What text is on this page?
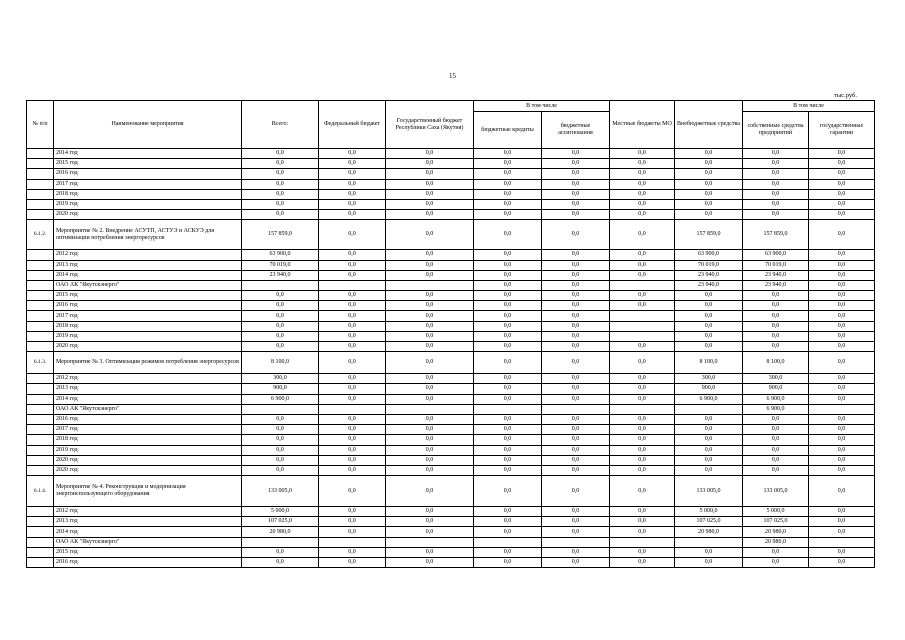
15
тыс.руб.
№ п/п	Наименование мероприятия	Всего:	Федеральный бюджет	Государственный бюджет Республики Саха (Якутия)	В том числе		Местные бюджеты МО	Внебюджетные средства	В том числе	
					бюджетные кредиты	бюджетные ассигнования			собственные средства предприятий	государственные гарантии
	2014 год	0,0	0,0	0,0	0,0	0,0	0,0	0,0	0,0	0,0
	2015 год	0,0	0,0	0,0	0,0	0,0	0,0	0,0	0,0	0,0
	2016 год	0,0	0,0	0,0	0,0	0,0	0,0	0,0	0,0	0,0
	2017 год	0,0	0,0	0,0	0,0	0,0	0,0	0,0	0,0	0,0
	2018 год	0,0	0,0	0,0	0,0	0,0	0,0	0,0	0,0	0,0
	2019 год	0,0	0,0	0,0	0,0	0,0	0,0	0,0	0,0	0,0
	2020 год	0,0	0,0	0,0	0,0	0,0	0,0	0,0	0,0	0,0
6.1.2.	Мероприятие № 2. Внедрение АСУТП, АСТУЭ и АСКУЭ для оптимизации потребления энергоресурсов	157 859,0	0,0	0,0	0,0	0,0	0,0	157 859,0	157 859,0	0,0
	2012 год	63 900,0	0,0	0,0	0,0	0,0	0,0	63 900,0	63 900,0	0,0
	2013 год	70 019,0	0,0	0,0	0,0	0,0	0,0	70 019,0	70 019,0	0,0
	2014 год	23 940,0	0,0	0,0	0,0	0,0	0,0	23 940,0	23 940,0	0,0
	ОАО АК "Якутскэнерго"				0,0	0,0		23 940,0	23 940,0	0,0
	2015 год	0,0	0,0	0,0	0,0	0,0	0,0	0,0	0,0	0,0
	2016 год	0,0	0,0	0,0	0,0	0,0	0,0	0,0	0,0	0,0
	2017 год	0,0	0,0	0,0	0,0	0,0		0,0	0,0	0,0
	2018 год	0,0	0,0	0,0	0,0	0,0		0,0	0,0	0,0
	2019 год	0,0	0,0	0,0	0,0	0,0		0,0	0,0	0,0
	2020 год	0,0	0,0	0,0	0,0	0,0	0,0	0,0	0,0	0,0
6.1.3.	Мероприятие № 3. Оптимизация режимов потребления энергоресурсов	8 100,0	0,0	0,0	0,0	0,0	0,0	8 100,0	8 100,0	0,0
	2012 год	300,0	0,0	0,0	0,0	0,0	0,0	300,0	300,0	0,0
	2013 год	900,0	0,0	0,0	0,0	0,0	0,0	900,0	900,0	0,0
	2014 год	6 900,0	0,0	0,0	0,0	0,0	0,0	6 900,0	6 900,0	0,0
	ОАО АК "Якутскэнерго"								6 900,0	
	2016 год	0,0	0,0	0,0	0,0	0,0	0,0	0,0	0,0	0,0
	2017 год	0,0	0,0	0,0	0,0	0,0	0,0	0,0	0,0	0,0
	2018 год	0,0	0,0	0,0	0,0	0,0	0,0	0,0	0,0	0,0
	2019 год	0,0	0,0	0,0	0,0	0,0	0,0	0,0	0,0	0,0
	2020 год	0,0	0,0	0,0	0,0	0,0	0,0	0,0	0,0	0,0
	2020 год	0,0	0,0	0,0	0,0	0,0	0,0	0,0	0,0	0,0
6.1.4.	Мероприятие № 4. Реконструкция и модернизация энергоиспользующего оборудования	133 005,0	0,0	0,0	0,0	0,0	0,0	133 005,0	133 005,0	0,0
	2012 год	5 000,0	0,0	0,0	0,0	0,0	0,0	5 000,0	5 000,0	0,0
	2013 год	107 025,0	0,0	0,0	0,0	0,0	0,0	107 025,0	107 025,0	0,0
	2014 год	20 980,0	0,0	0,0	0,0	0,0	0,0	20 980,0	20 980,0	0,0
	ОАО АК "Якутскэнерго"								20 980,0	
	2015 год	0,0	0,0	0,0	0,0	0,0	0,0	0,0	0,0	0,0
	2016 год	0,0	0,0	0,0	0,0	0,0	0,0	0,0	0,0	0,0
